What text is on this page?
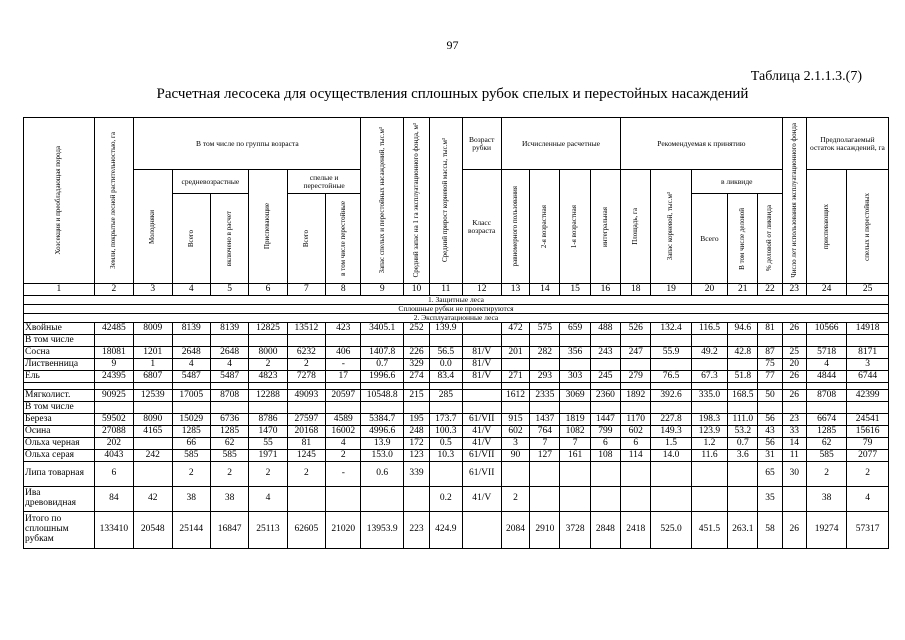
97
Таблица 2.1.1.3.(7)
Расчетная лесосека для осуществления сплошных рубок спелых и перестойных насаждений
Хозсекция и преобладающая порода	Земли, покрытые лесной растительностью, га	В том числе по группы возраста						Запас спелых и перестойных насаждений, тыс.м³	Средний запас на 1 га эксплуатационного фонда, м³	Средний прирост корневой массы, тыс.м³	Возраст рубки	Исчисленные расчетные				Рекомендуемая к принятию					Число лет использования эксплуатационного фонда	Предполагаемый остаток насаждений, га	

		Молодняки	средневозрастные		Приспевающие	спелые и перестойные					Класс возраста	равномерного пользования	2-я возрастная	1-я возрастная	интегральная	Площадь, га	Запас корневой, тыс.м³	в ликвиде				приспевающих	спелых и перестойных

			Всего	включено в расчет		Всего	в том числе перестойные											Всего	В том числе деловой	% деловой от ликвида			

1	2	3	4	5	6	7	8	9	10	11	12	13	14	15	16	18	19	20	21	22	23	24	25
1. Защитные леса																							
Сплошные рубки не проектируются																							
2. Эксплуатационные леса																							
Хвойные	42485	8009	8139	8139	12825	13512	423	3405.1	252	139.9		472	575	659	488	526	132.4	116.5	94.6	81	26	10566	14918
В том числе																							
Сосна	18081	1201	2648	2648	8000	6232	406	1407.8	226	56.5	81/V	201	282	356	243	247	55.9	49.2	42.8	87	25	5718	8171
Лиственница	9	1	4	4	2	2	-	0.7	329	0.0	81/V									75	20	4	3
Ель	24395	6807	5487	5487	4823	7278	17	1996.6	274	83.4	81/V	271	293	303	245	279	76.5	67.3	51.8	77	26	4844	6744

Мягколист.	90925	12539	17005	8708	12288	49093	20597	10548.8	215	285		1612	2335	3069	2360	1892	392.6	335.0	168.5	50	26	8708	42399
В том числе																							
Береза	59502	8090	15029	6736	8786	27597	4589	5384.7	195	173.7	61/VII	915	1437	1819	1447	1170	227.8	198.3	111.0	56	23	6674	24541
Осина	27088	4165	1285	1285	1470	20168	16002	4996.6	248	100.3	41/V	602	764	1082	799	602	149.3	123.9	53.2	43	33	1285	15616
Ольха черная	202		66	62	55	81	4	13.9	172	0.5	41/V	3	7	7	6	6	1.5	1.2	0.7	56	14	62	79
Ольха серая	4043	242	585	585	1971	1245	2	153.0	123	10.3	61/VII	90	127	161	108	114	14.0	11.6	3.6	31	11	585	2077
Липа товарная	6		2	2	2	2	-	0.6	339		61/VII									65	30	2	2
Ива древовидная	84	42	38	38	4					0.2	41/V	2								35		38	4
Итого по сплошным рубкам	133410	20548	25144	16847	25113	62605	21020	13953.9	223	424.9		2084	2910	3728	2848	2418	525.0	451.5	263.1	58	26	19274	57317
